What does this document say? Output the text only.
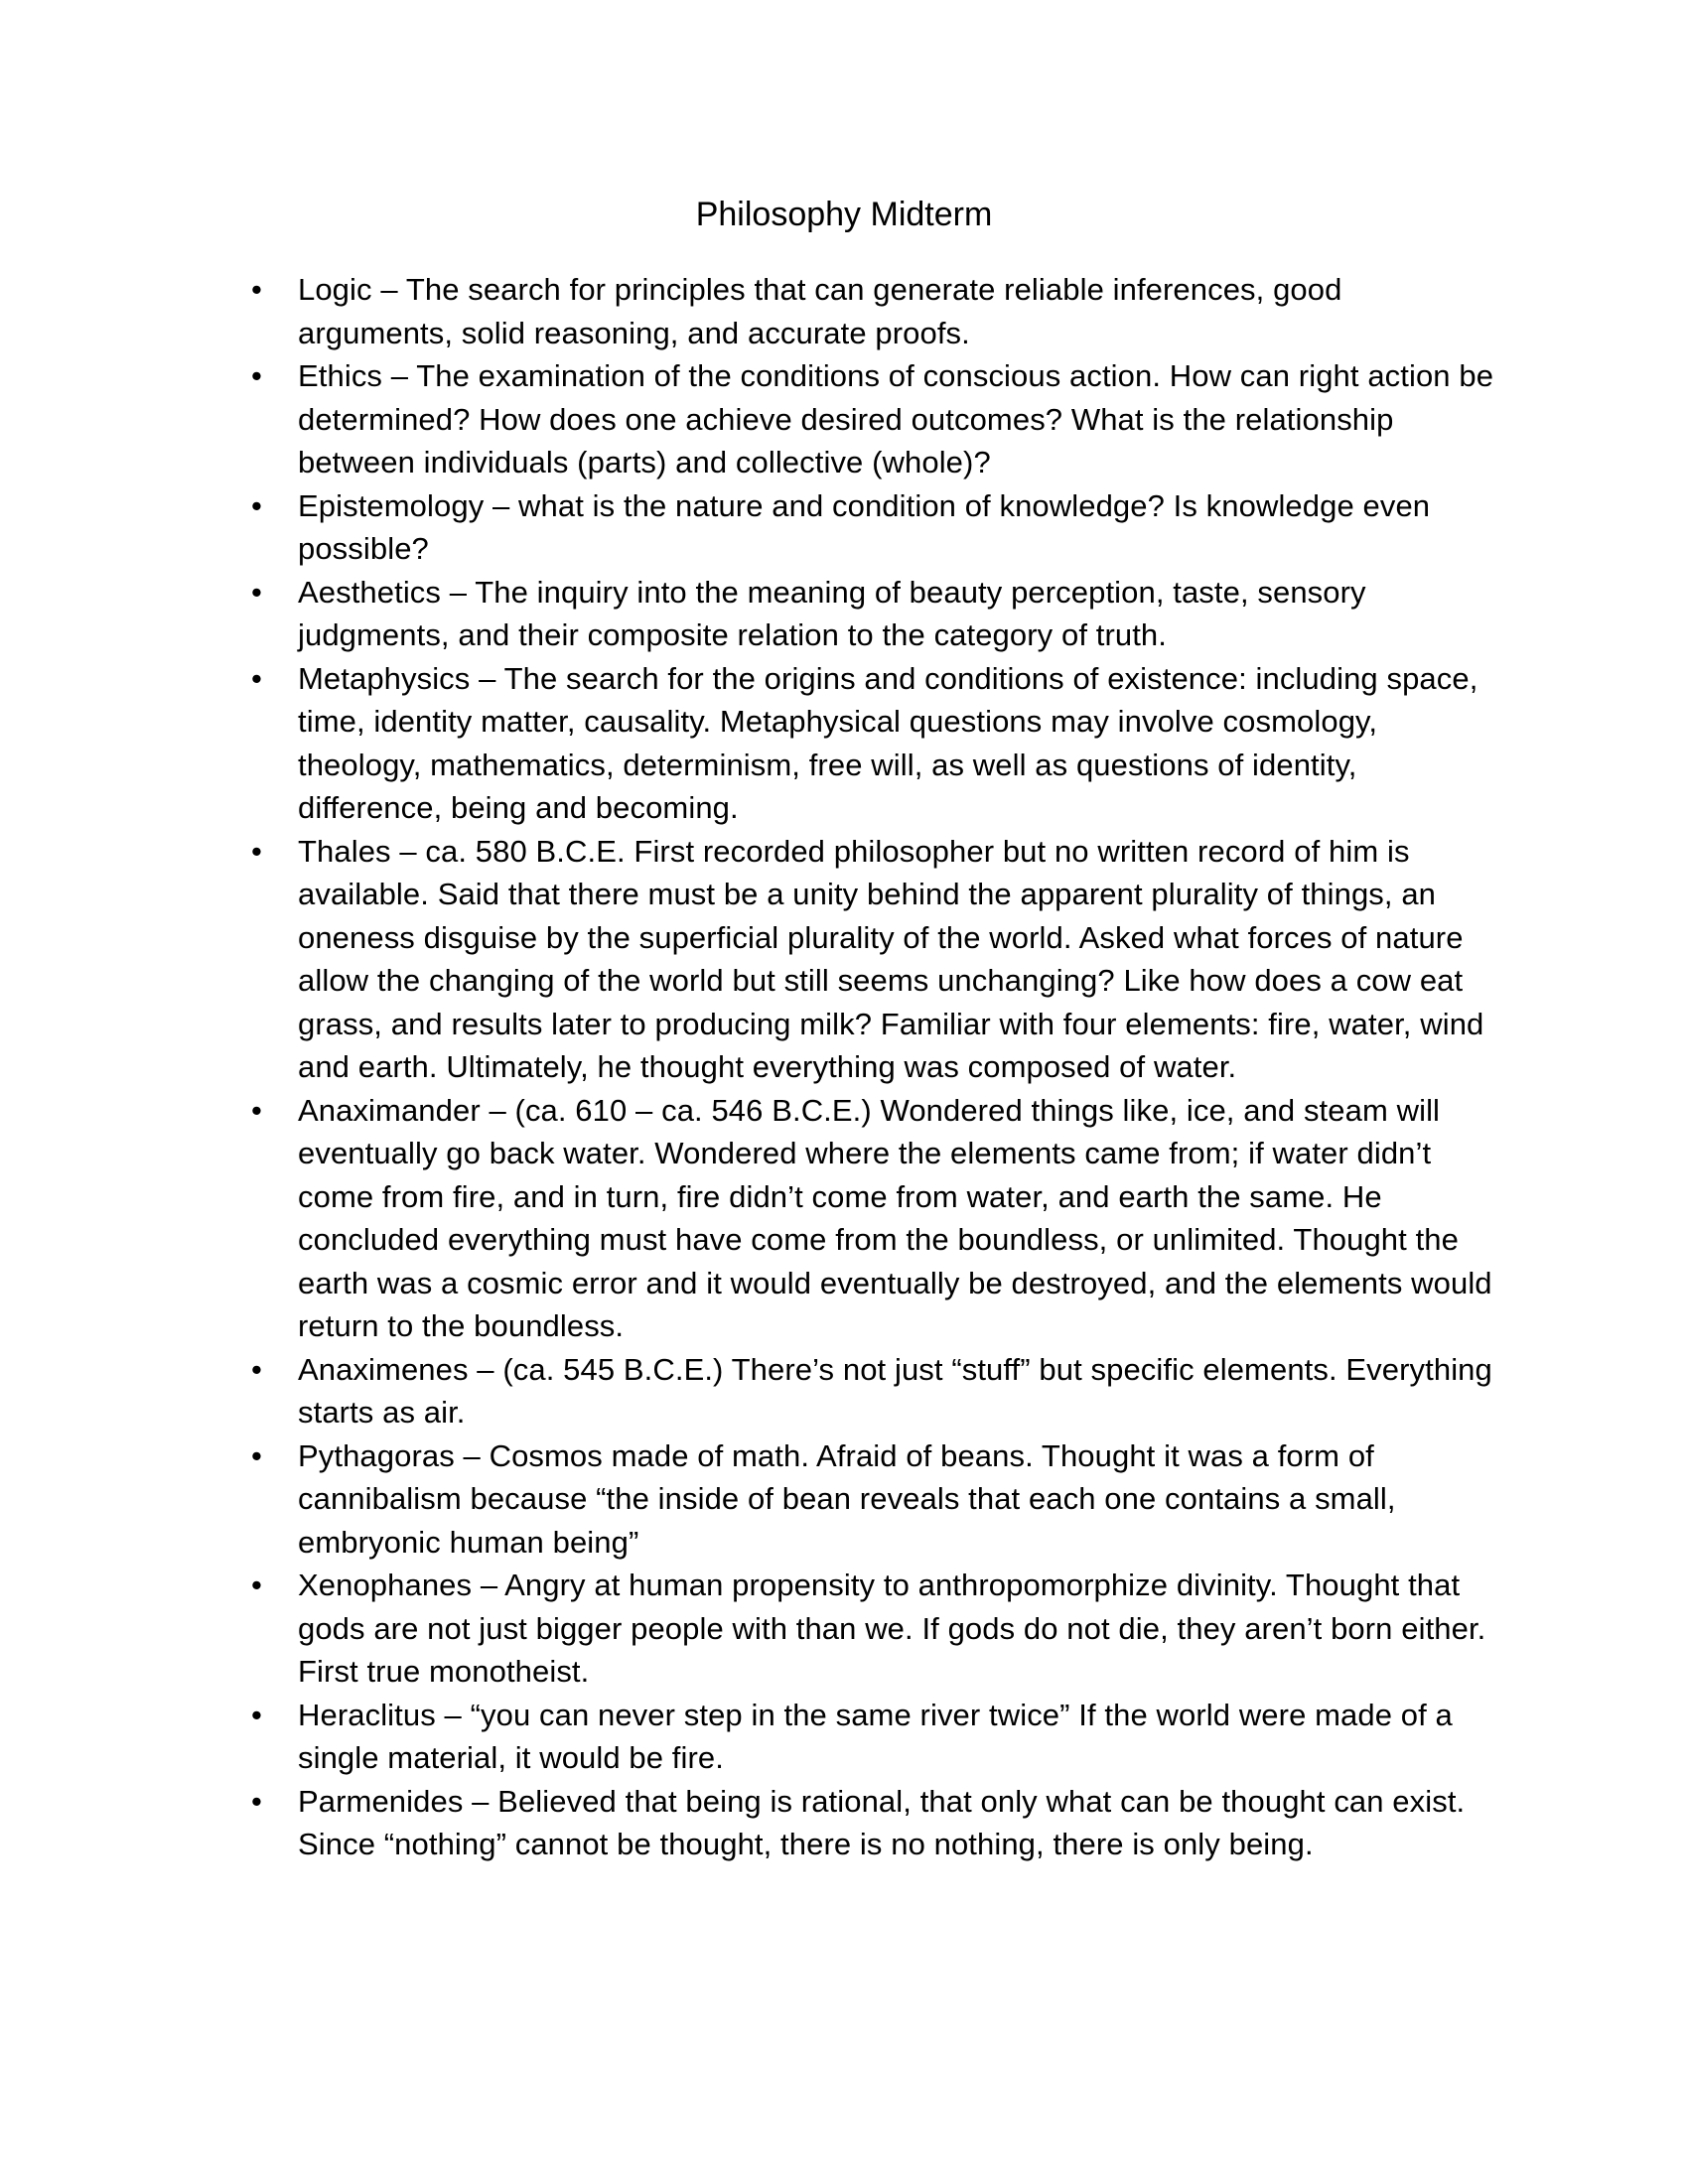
Philosophy Midterm
• Logic – The search for principles that can generate reliable inferences, good arguments, solid reasoning, and accurate proofs.
• Ethics – The examination of the conditions of conscious action. How can right action be determined? How does one achieve desired outcomes? What is the relationship between individuals (parts) and collective (whole)?
• Epistemology – what is the nature and condition of knowledge? Is knowledge even possible?
• Aesthetics – The inquiry into the meaning of beauty perception, taste, sensory judgments, and their composite relation to the category of truth.
• Metaphysics – The search for the origins and conditions of existence: including space, time, identity matter, causality. Metaphysical questions may involve cosmology, theology, mathematics, determinism, free will, as well as questions of identity, difference, being and becoming.
• Thales – ca. 580 B.C.E. First recorded philosopher but no written record of him is available. Said that there must be a unity behind the apparent plurality of things, an oneness disguise by the superficial plurality of the world. Asked what forces of nature allow the changing of the world but still seems unchanging? Like how does a cow eat grass, and results later to producing milk? Familiar with four elements: fire, water, wind and earth. Ultimately, he thought everything was composed of water.
• Anaximander – (ca. 610 – ca. 546 B.C.E.) Wondered things like, ice, and steam will eventually go back water. Wondered where the elements came from; if water didn’t come from fire, and in turn, fire didn’t come from water, and earth the same. He concluded everything must have come from the boundless, or unlimited. Thought the earth was a cosmic error and it would eventually be destroyed, and the elements would return to the boundless.
• Anaximenes – (ca. 545 B.C.E.) There’s not just “stuff” but specific elements. Everything starts as air.
• Pythagoras – Cosmos made of math. Afraid of beans. Thought it was a form of cannibalism because “the inside of bean reveals that each one contains a small, embryonic human being”
• Xenophanes – Angry at human propensity to anthropomorphize divinity. Thought that gods are not just bigger people with than we. If gods do not die, they aren’t born either. First true monotheist.
• Heraclitus – “you can never step in the same river twice” If the world were made of a single material, it would be fire.
• Parmenides – Believed that being is rational, that only what can be thought can exist. Since “nothing” cannot be thought, there is no nothing, there is only being.
